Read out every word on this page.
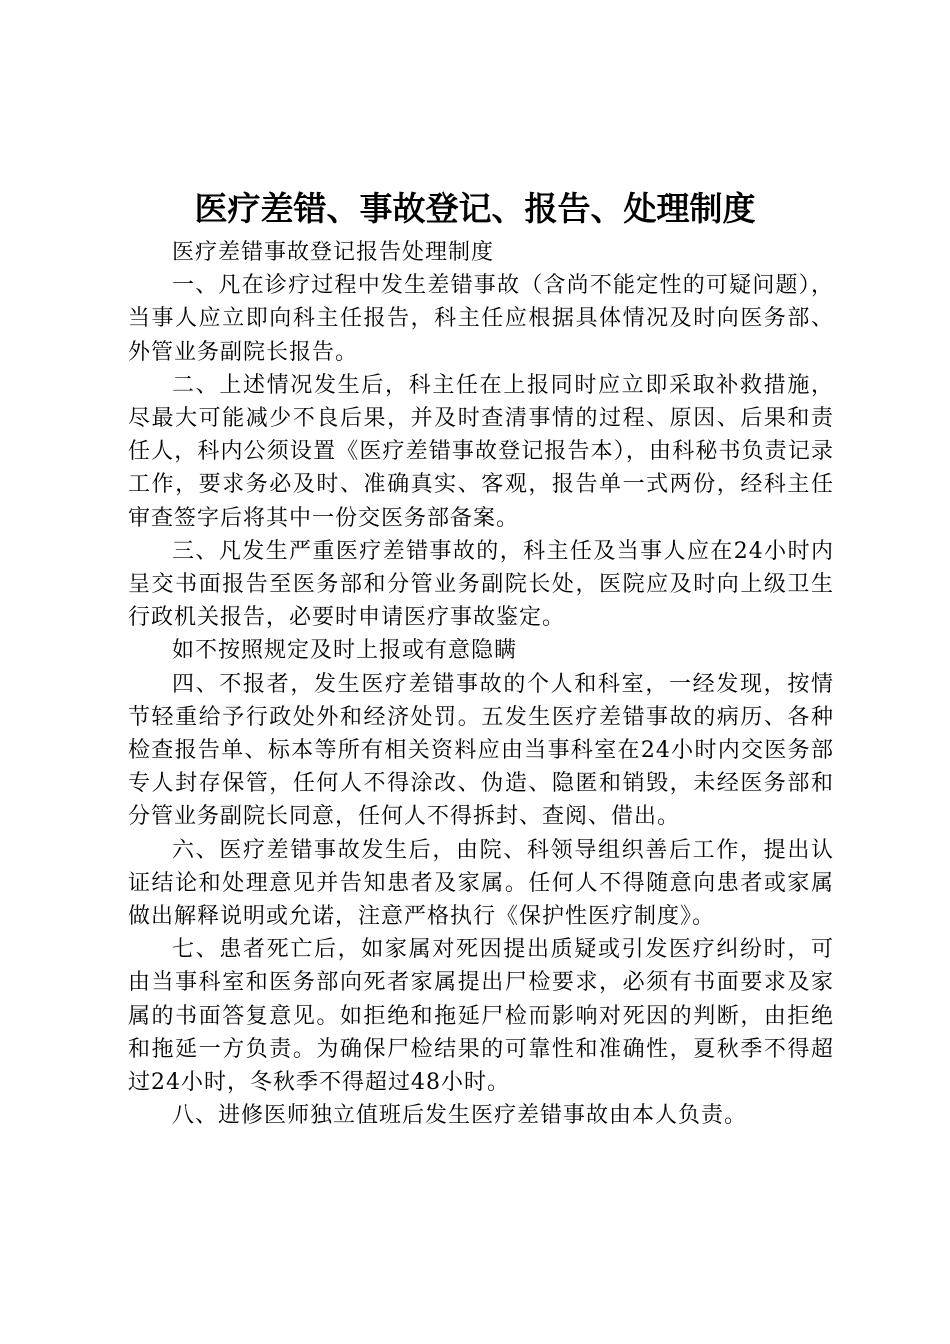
医疗差错、事故登记、报告、处理制度

医疗差错事故登记报告处理制度

一、凡在诊疗过程中发生差错事故（含尚不能定性的可疑问题），当事人应立即向科主任报告，科主任应根据具体情况及时向医务部、外管业务副院长报告。

二、上述情况发生后，科主任在上报同时应立即采取补救措施，尽最大可能减少不良后果，并及时查清事情的过程、原因、后果和责任人，科内公须设置《医疗差错事故登记报告本），由科秘书负责记录工作，要求务必及时、准确真实、客观，报告单一式两份，经科主任审查签字后将其中一份交医务部备案。

三、凡发生严重医疗差错事故的，科主任及当事人应在24小时内呈交书面报告至医务部和分管业务副院长处，医院应及时向上级卫生行政机关报告，必要时申请医疗事故鉴定。

如不按照规定及时上报或有意隐瞒

四、不报者，发生医疗差错事故的个人和科室，一经发现，按情节轻重给予行政处外和经济处罚。五发生医疗差错事故的病历、各种检查报告单、标本等所有相关资料应由当事科室在24小时内交医务部专人封存保管，任何人不得涂改、伪造、隐匿和销毁，未经医务部和分管业务副院长同意，任何人不得拆封、查阅、借出。

六、医疗差错事故发生后，由院、科领导组织善后工作，提出认证结论和处理意见并告知患者及家属。任何人不得随意向患者或家属做出解释说明或允诺，注意严格执行《保护性医疗制度》。

七、患者死亡后，如家属对死因提出质疑或引发医疗纠纷时，可由当事科室和医务部向死者家属提出尸检要求，必须有书面要求及家属的书面答复意见。如拒绝和拖延尸检而影响对死因的判断，由拒绝和拖延一方负责。为确保尸检结果的可靠性和准确性，夏秋季不得超过24小时，冬秋季不得超过48小时。

八、进修医师独立值班后发生医疗差错事故由本人负责。
